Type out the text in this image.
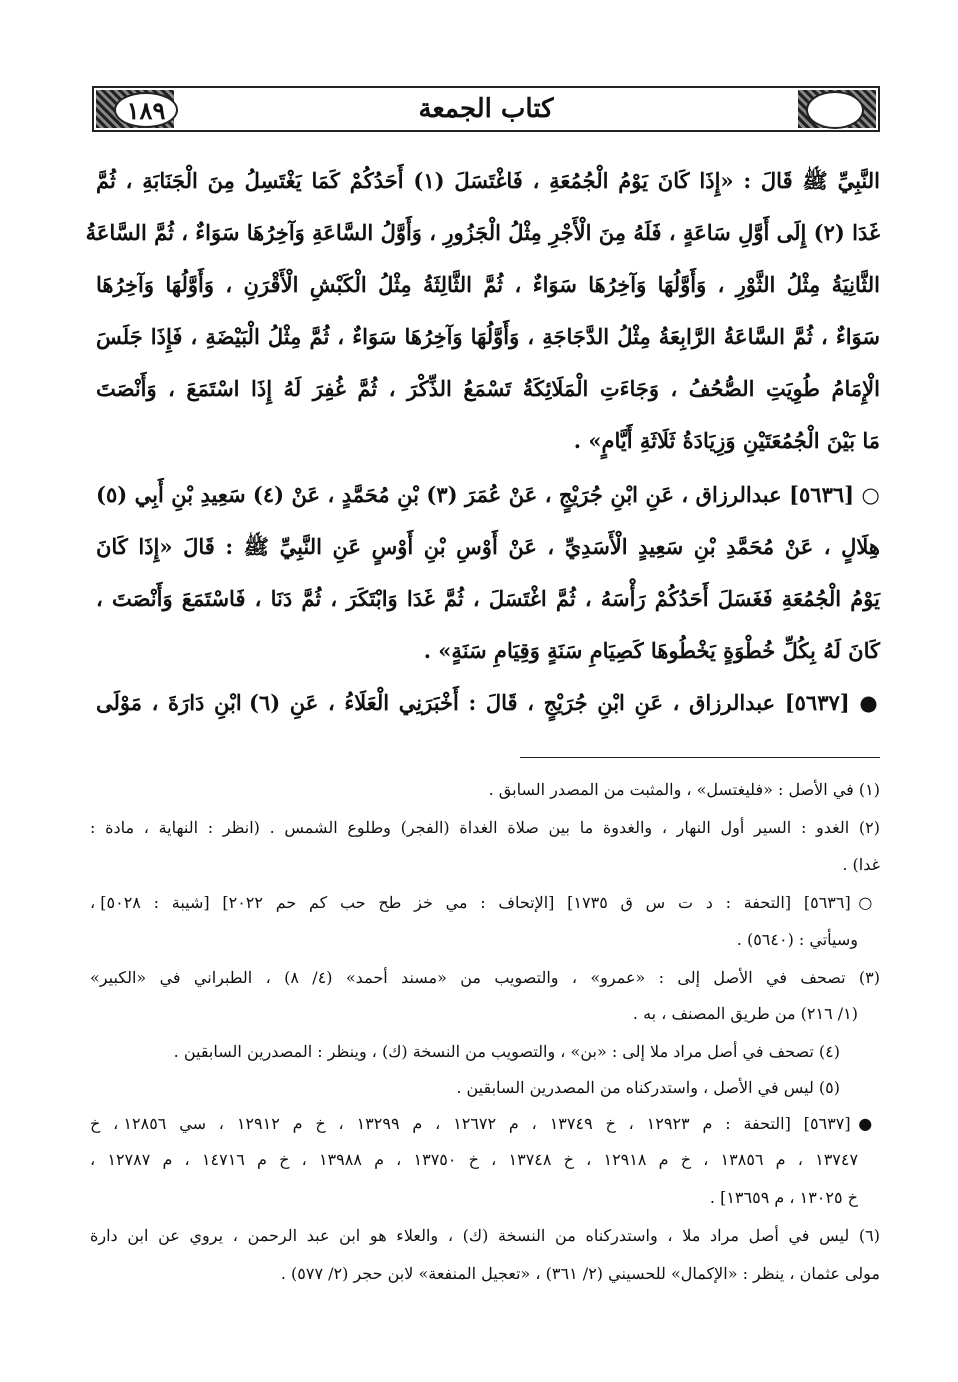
١٨٩	كتاب الجمعة
النَّبِيِّ ﷺ قَالَ : «إِذَا كَانَ يَوْمُ الْجُمُعَةِ ، فَاغْتَسَلَ (١) أَحَدُكُمْ كَمَا يَغْتَسِلُ مِنَ الْجَنَابَةِ ، ثُمَّ
غَدَا (٢) إِلَى أَوَّلِ سَاعَةٍ ، فَلَهُ مِنَ الْأَجْرِ مِثْلُ الْجَزُورِ ، وَأَوَّلُ السَّاعَةِ وَآخِرُهَا سَوَاءٌ ، ثُمَّ السَّاعَةُ
الثَّانِيَةُ مِثْلُ الثَّوْرِ ، وَأَوَّلُهَا وَآخِرُهَا سَوَاءٌ ، ثُمَّ الثَّالِثَةُ مِثْلُ الْكَبْشِ الْأَقْرَنِ ، وَأَوَّلُهَا وَآخِرُهَا
سَوَاءٌ ، ثُمَّ السَّاعَةُ الرَّابِعَةُ مِثْلُ الدَّجَاجَةِ ، وَأَوَّلُهَا وَآخِرُهَا سَوَاءٌ ، ثُمَّ مِثْلُ الْبَيْضَةِ ، فَإِذَا جَلَسَ
الْإِمَامُ طُوِيَتِ الصُّحُفُ ، وَجَاءَتِ الْمَلَائِكَةُ تَسْمَعُ الذِّكْرَ ، ثُمَّ غُفِرَ لَهُ إِذَا اسْتَمَعَ ، وَأَنْصَتَ
مَا بَيْنَ الْجُمُعَتَيْنِ وَزِيَادَةُ ثَلَاثَةِ أَيَّامٍ» .
○ [٥٦٣٦] عبدالرزاق ، عَنِ ابْنِ جُرَيْجٍ ، عَنْ عُمَرَ (٣) بْنِ مُحَمَّدٍ ، عَنْ (٤) سَعِيدِ بْنِ أَبِي (٥)
هِلَالٍ ، عَنْ مُحَمَّدِ بْنِ سَعِيدٍ الْأَسَدِيِّ ، عَنْ أَوْسِ بْنِ أَوْسٍ عَنِ النَّبِيِّ ﷺ : قَالَ «إِذَا كَانَ
يَوْمُ الْجُمُعَةِ فَغَسَلَ أَحَدُكُمْ رَأْسَهُ ، ثُمَّ اغْتَسَلَ ، ثُمَّ غَدَا وَابْتَكَرَ ، ثُمَّ دَنَا ، فَاسْتَمَعَ وَأَنْصَتَ ،
كَانَ لَهُ بِكُلِّ خُطْوَةٍ يَخْطُوهَا كَصِيَامِ سَنَةٍ وَقِيَامِ سَنَةٍ» .
● [٥٦٣٧] عبدالرزاق ، عَنِ ابْنِ جُرَيْجٍ ، قَالَ : أَخْبَرَنِي الْعَلَاءُ ، عَنِ (٦) ابْنِ دَارَةَ ، مَوْلَى
(١) في الأصل : «فليغتسل» ، والمثبت من المصدر السابق .
(٢) الغدو : السير أول النهار ، والغدوة ما بين صلاة الغداة (الفجر) وطلوع الشمس . (انظر : النهاية ، مادة :
غدا) .
○[٥٦٣٦] [التحفة : د ت س ق ١٧٣٥] [الإتحاف : مي خز طح حب كم حم ٢٠٢٢] [شيبة : ٥٠٢٨] ،
وسيأتي : (٥٦٤٠) .
(٣) تصحف في الأصل إلى : «عمرو» ، والتصويب من «مسند أحمد» (٤/ ٨) ، الطبراني في «الكبير»
(١/ ٢١٦) من طريق المصنف ، به .
(٤) تصحف في أصل مراد ملا إلى : «بن» ، والتصويب من النسخة (ك) ، وينظر : المصدرين السابقين .
(٥) ليس في الأصل ، واستدركناه من المصدرين السابقين .
●[٥٦٣٧] [التحفة : م ١٢٩٢٣ ، خ ١٣٧٤٩ ، م ١٢٦٧٢ ، م ١٣٢٩٩ ، خ م ١٢٩١٢ ، سي ١٢٨٥٦ ، خ
١٣٧٤٧ ، م ١٣٨٥٦ ، خ م ١٢٩١٨ ، خ ١٣٧٤٨ ، خ ١٣٧٥٠ ، م ١٣٩٨٨ ، خ م ١٤٧١٦ ، م ١٢٧٨٧ ،
خ ١٣٠٢٥ ، م ١٣٦٥٩] .
(٦) ليس في أصل مراد ملا ، واستدركناه من النسخة (ك) ، والعلاء هو ابن عبد الرحمن ، يروي عن ابن دارة
مولى عثمان ، ينظر : «الإكمال» للحسيني (٢/ ٣٦١) ، «تعجيل المنفعة» لابن حجر (٢/ ٥٧٧) .
